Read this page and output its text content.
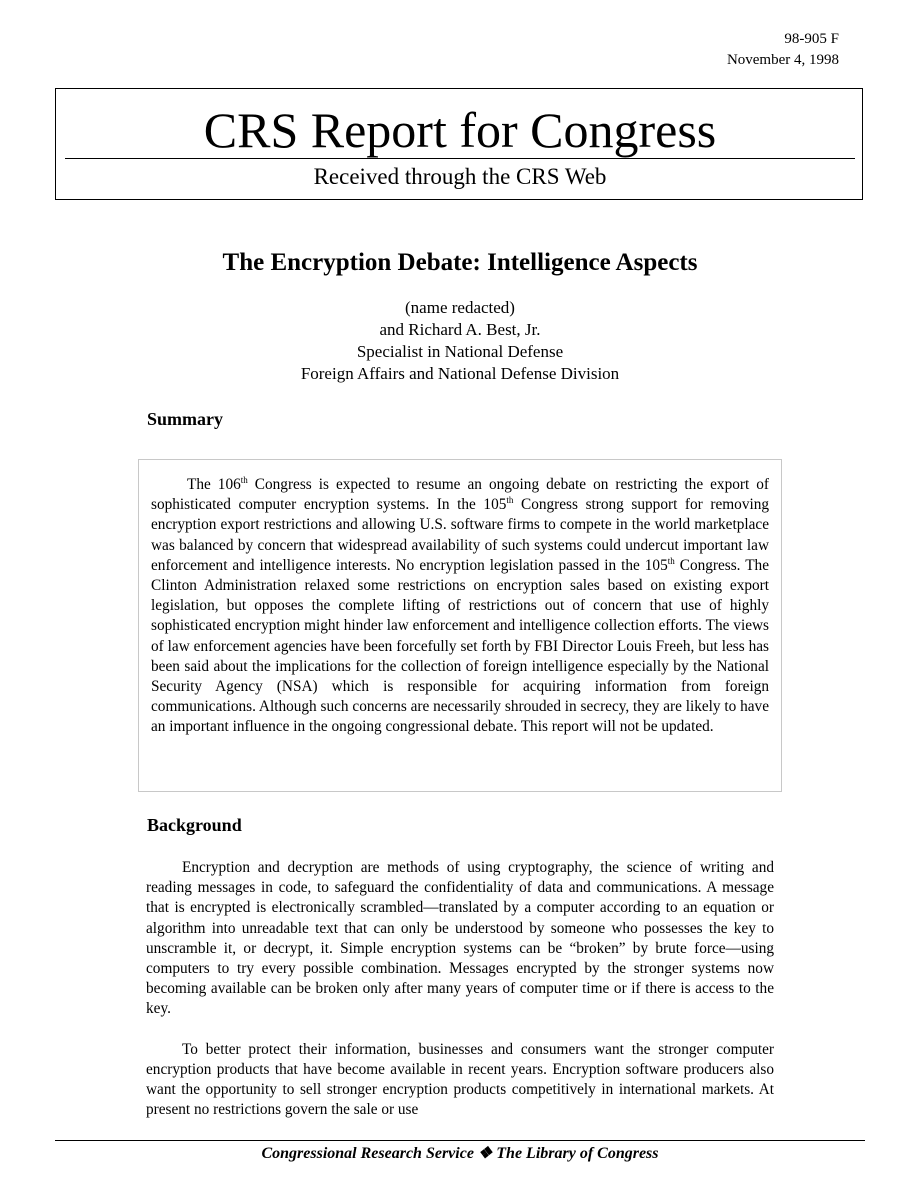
98-905 F
November 4, 1998
CRS Report for Congress
Received through the CRS Web
The Encryption Debate: Intelligence Aspects
(name redacted)
and Richard A. Best, Jr.
Specialist in National Defense
Foreign Affairs and National Defense Division
Summary

The 106th Congress is expected to resume an ongoing debate on restricting the export of sophisticated computer encryption systems. In the 105th Congress strong support for removing encryption export restrictions and allowing U.S. software firms to compete in the world marketplace was balanced by concern that widespread availability of such systems could undercut important law enforcement and intelligence interests. No encryption legislation passed in the 105th Congress. The Clinton Administration relaxed some restrictions on encryption sales based on existing export legislation, but opposes the complete lifting of restrictions out of concern that use of highly sophisticated encryption might hinder law enforcement and intelligence collection efforts. The views of law enforcement agencies have been forcefully set forth by FBI Director Louis Freeh, but less has been said about the implications for the collection of foreign intelligence especially by the National Security Agency (NSA) which is responsible for acquiring information from foreign communications. Although such concerns are necessarily shrouded in secrecy, they are likely to have an important influence in the ongoing congressional debate. This report will not be updated.

Background

Encryption and decryption are methods of using cryptography, the science of writing and reading messages in code, to safeguard the confidentiality of data and communications. A message that is encrypted is electronically scrambled—translated by a computer according to an equation or algorithm into unreadable text that can only be understood by someone who possesses the key to unscramble it, or decrypt, it. Simple encryption systems can be “broken” by brute force—using computers to try every possible combination. Messages encrypted by the stronger systems now becoming available can be broken only after many years of computer time or if there is access to the key.

To better protect their information, businesses and consumers want the stronger computer encryption products that have become available in recent years. Encryption software producers also want the opportunity to sell stronger encryption products competitively in international markets. At present no restrictions govern the sale or use

Congressional Research Service ❖ The Library of Congress
